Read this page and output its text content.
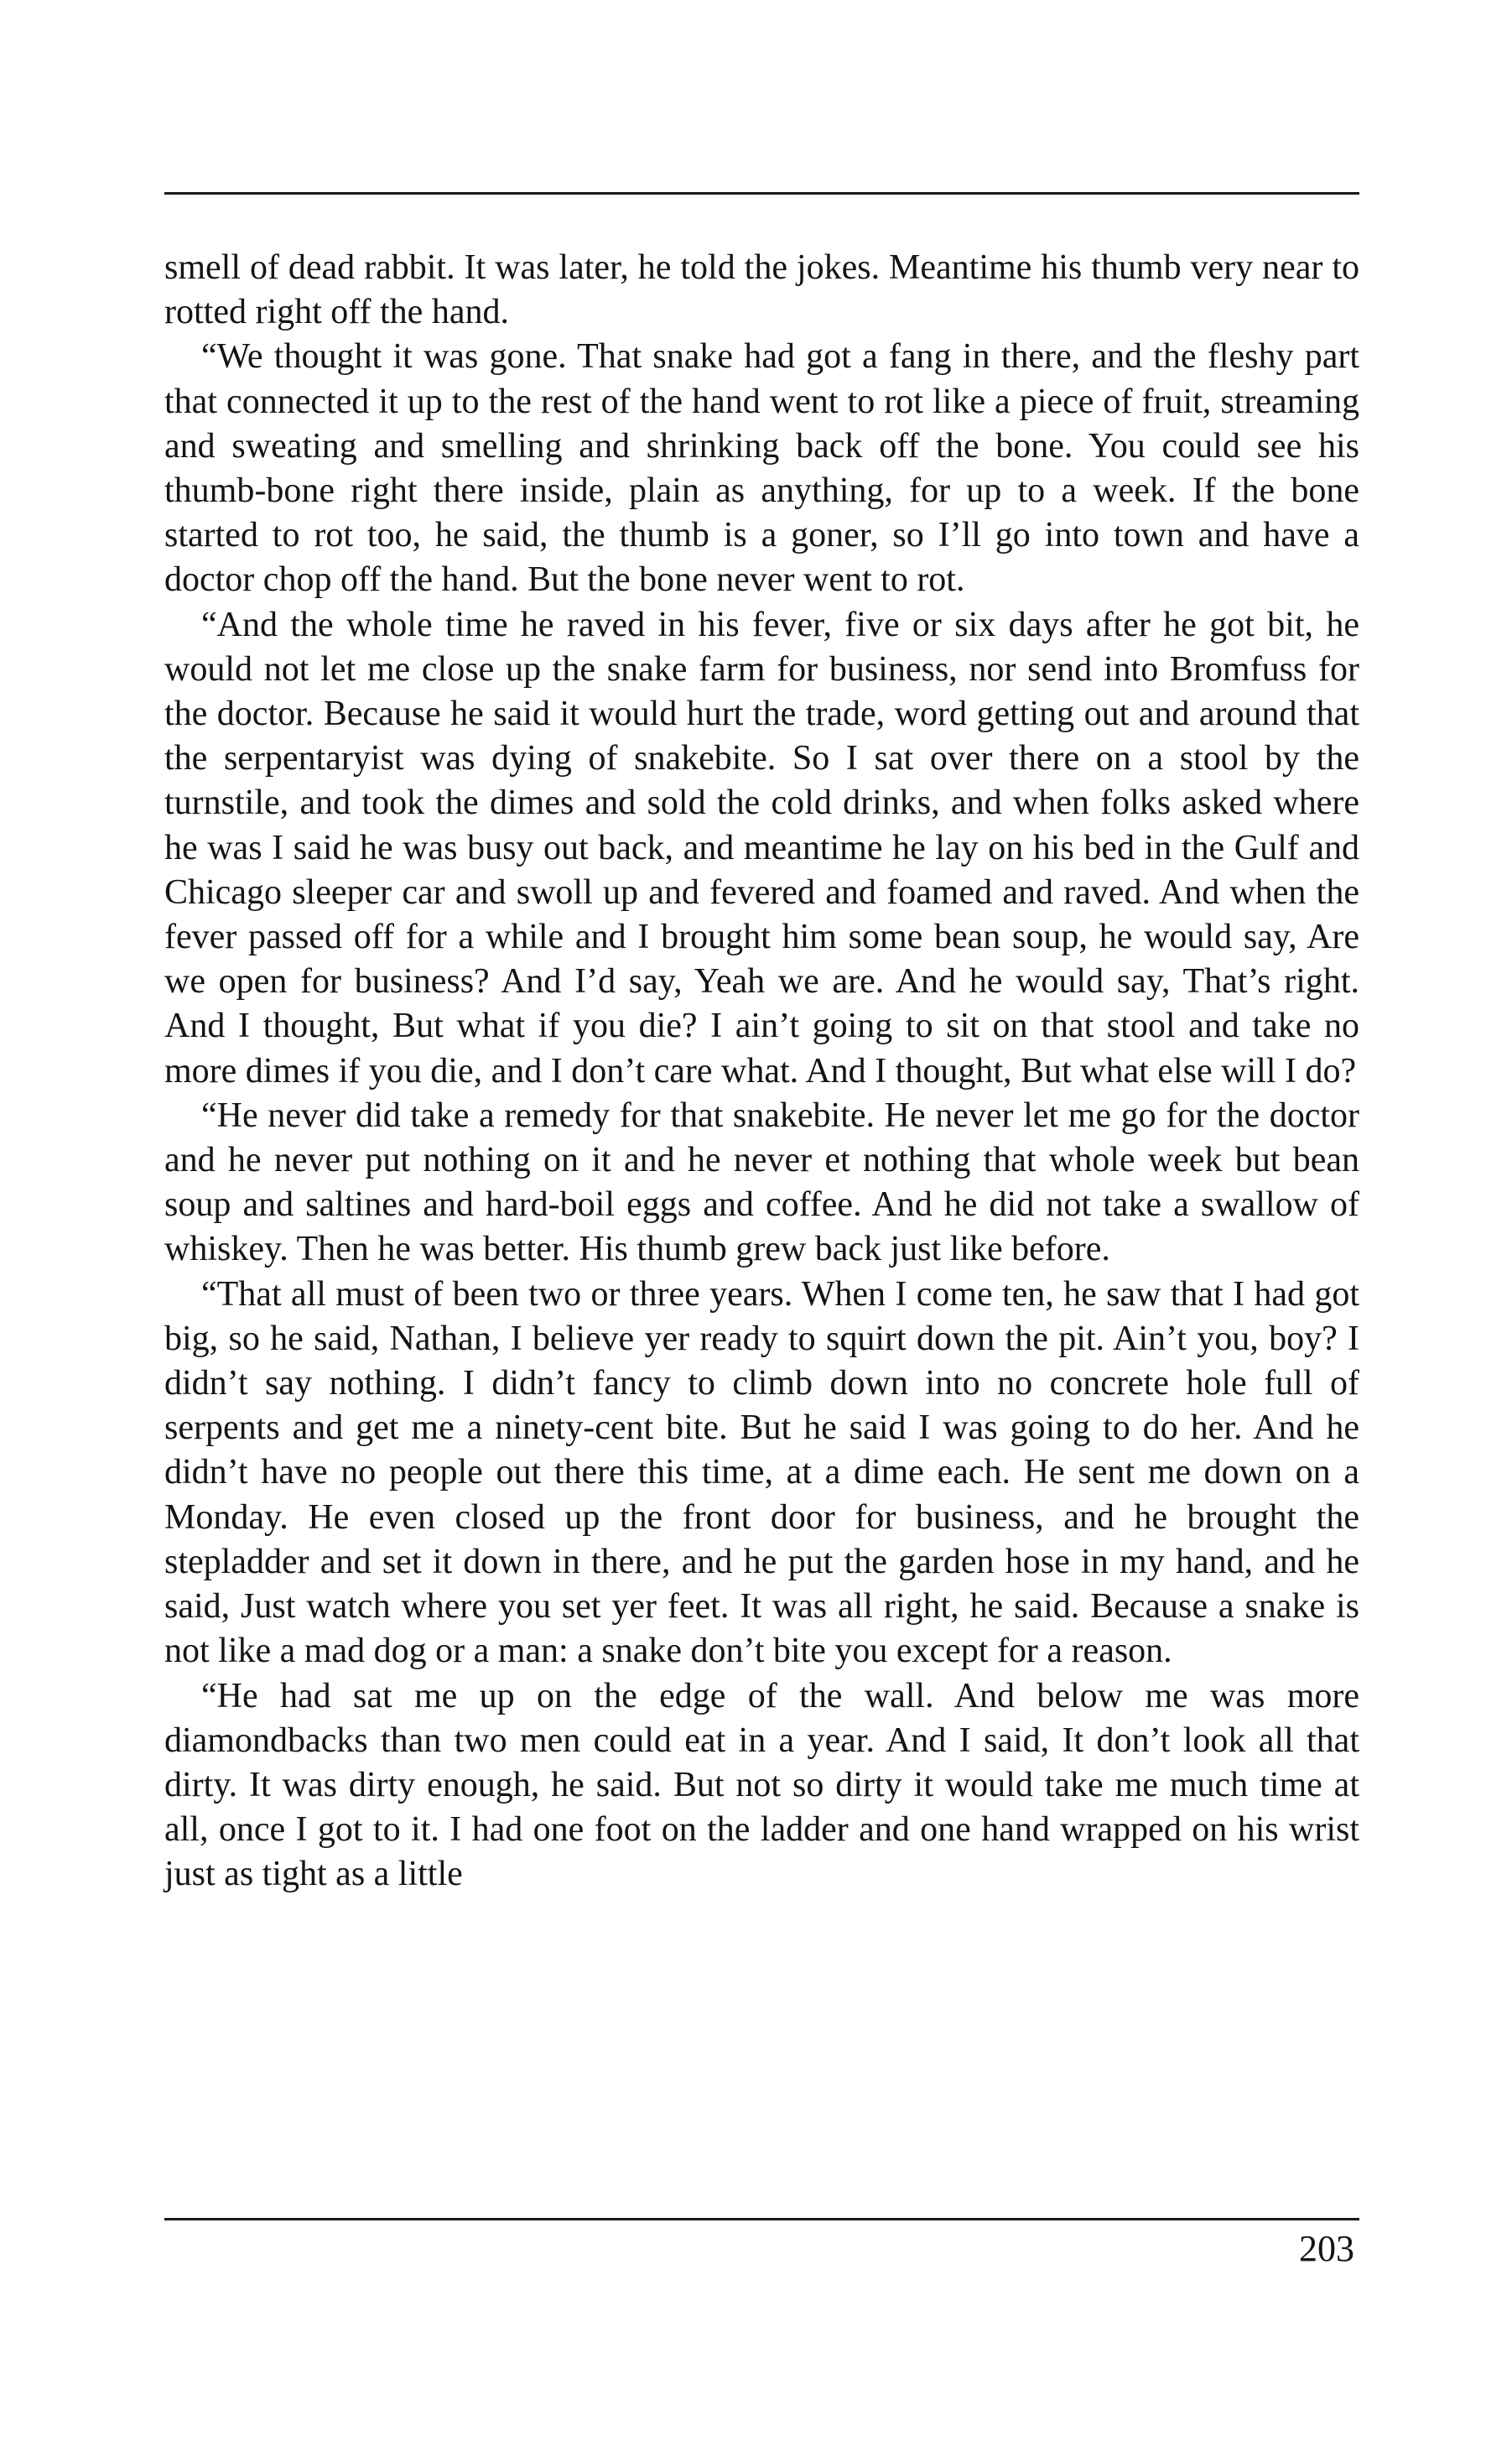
smell of dead rabbit. It was later, he told the jokes. Meantime his thumb very near to rotted right off the hand.

“We thought it was gone. That snake had got a fang in there, and the fleshy part that connected it up to the rest of the hand went to rot like a piece of fruit, streaming and sweating and smelling and shrinking back off the bone. You could see his thumb-bone right there inside, plain as anything, for up to a week. If the bone started to rot too, he said, the thumb is a goner, so I’ll go into town and have a doctor chop off the hand. But the bone never went to rot.

“And the whole time he raved in his fever, five or six days after he got bit, he would not let me close up the snake farm for business, nor send into Bromfuss for the doctor. Because he said it would hurt the trade, word getting out and around that the serpentaryist was dying of snakebite. So I sat over there on a stool by the turnstile, and took the dimes and sold the cold drinks, and when folks asked where he was I said he was busy out back, and meantime he lay on his bed in the Gulf and Chicago sleeper car and swoll up and fevered and foamed and raved. And when the fever passed off for a while and I brought him some bean soup, he would say, Are we open for business? And I’d say, Yeah we are. And he would say, That’s right. And I thought, But what if you die? I ain’t going to sit on that stool and take no more dimes if you die, and I don’t care what. And I thought, But what else will I do?

“He never did take a remedy for that snakebite. He never let me go for the doctor and he never put nothing on it and he never et nothing that whole week but bean soup and saltines and hard-boil eggs and coffee. And he did not take a swallow of whiskey. Then he was better. His thumb grew back just like before.

“That all must of been two or three years. When I come ten, he saw that I had got big, so he said, Nathan, I believe yer ready to squirt down the pit. Ain’t you, boy? I didn’t say nothing. I didn’t fancy to climb down into no concrete hole full of serpents and get me a ninety-cent bite. But he said I was going to do her. And he didn’t have no people out there this time, at a dime each. He sent me down on a Monday. He even closed up the front door for business, and he brought the stepladder and set it down in there, and he put the garden hose in my hand, and he said, Just watch where you set yer feet. It was all right, he said. Because a snake is not like a mad dog or a man: a snake don’t bite you except for a reason.

“He had sat me up on the edge of the wall. And below me was more diamondbacks than two men could eat in a year. And I said, It don’t look all that dirty. It was dirty enough, he said. But not so dirty it would take me much time at all, once I got to it. I had one foot on the ladder and one hand wrapped on his wrist just as tight as a little

203
